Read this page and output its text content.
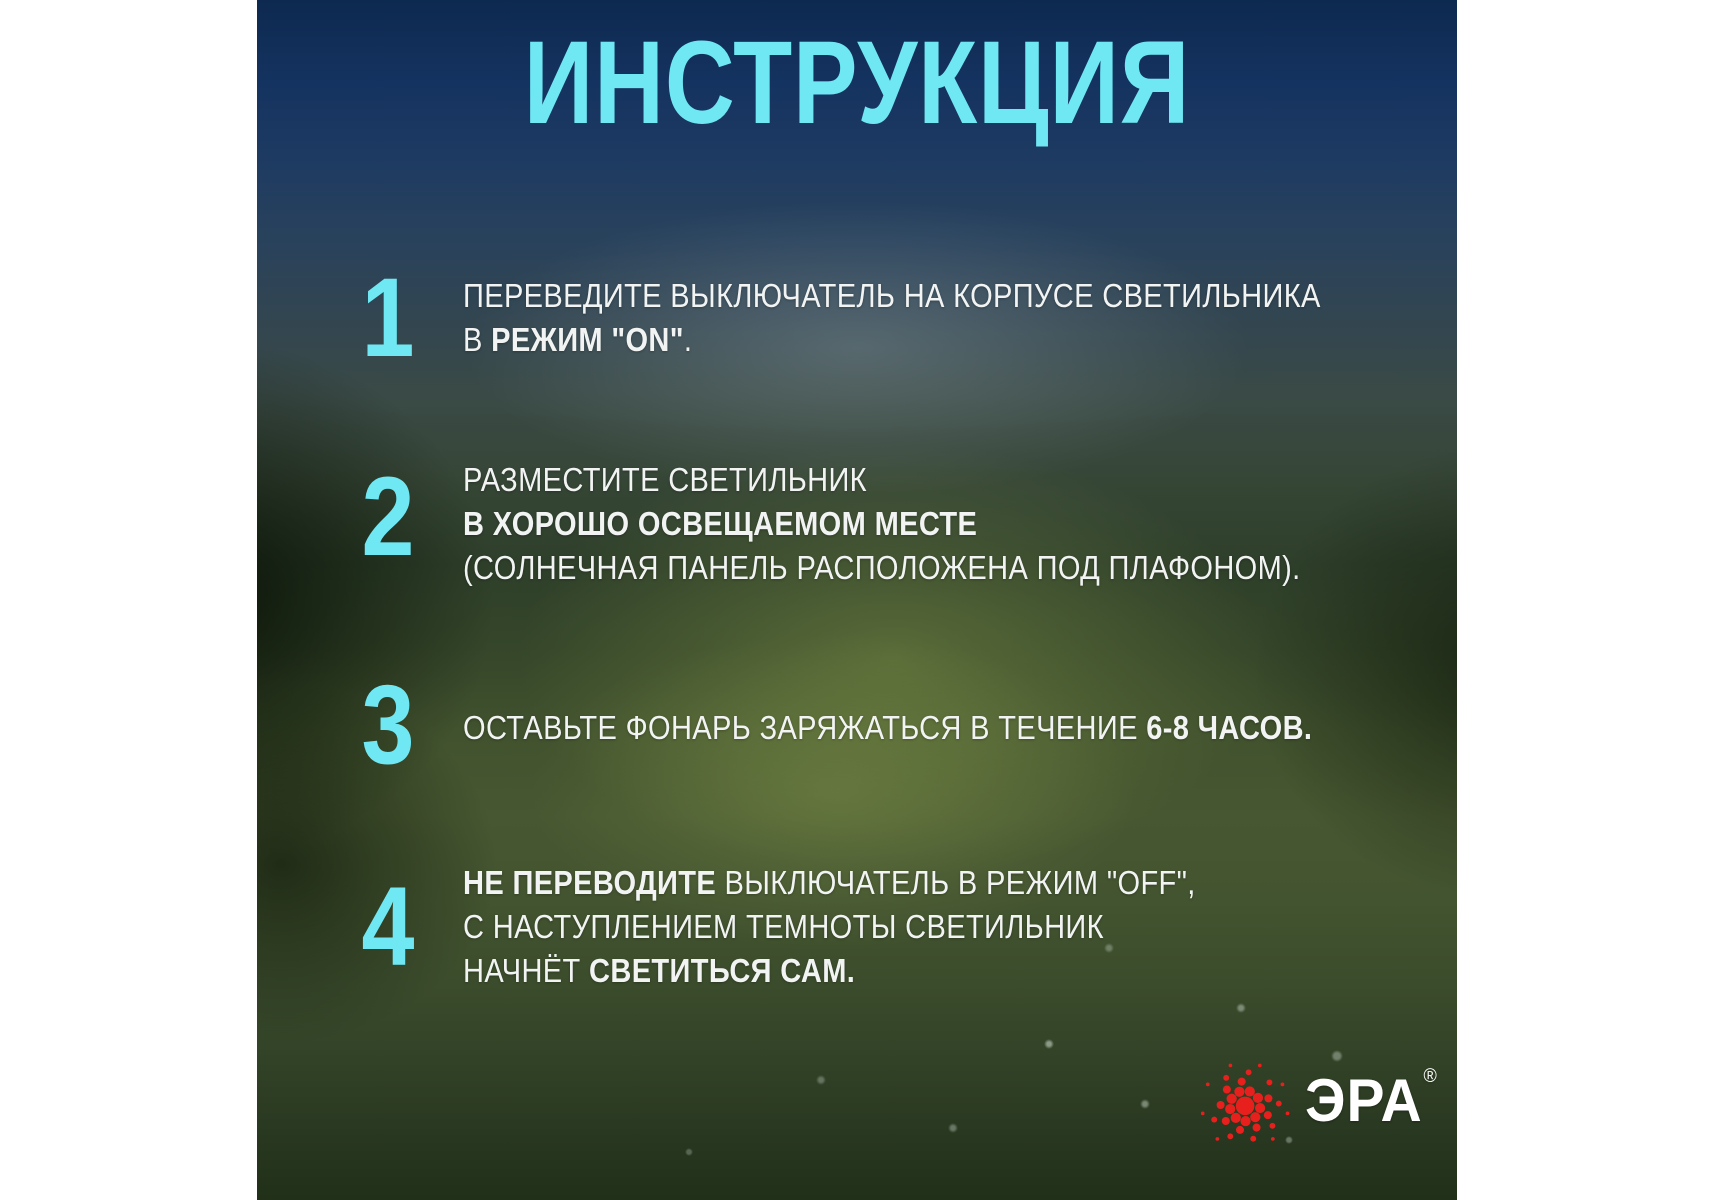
ИНСТРУКЦИЯ
1 ПЕРЕВЕДИТЕ ВЫКЛЮЧАТЕЛЬ НА КОРПУСЕ СВЕТИЛЬНИКА
В РЕЖИМ "ON".
2 РАЗМЕСТИТЕ СВЕТИЛЬНИК
В ХОРОШО ОСВЕЩАЕМОМ МЕСТЕ
(СОЛНЕЧНАЯ ПАНЕЛЬ РАСПОЛОЖЕНА ПОД ПЛАФОНОМ).
3 ОСТАВЬТЕ ФОНАРЬ ЗАРЯЖАТЬСЯ В ТЕЧЕНИЕ 6-8 ЧАСОВ.
4 НЕ ПЕРЕВОДИТЕ ВЫКЛЮЧАТЕЛЬ В РЕЖИМ "OFF",
С НАСТУПЛЕНИЕМ ТЕМНОТЫ СВЕТИЛЬНИК
НАЧНЁТ СВЕТИТЬСЯ САМ.
ЭРА®
